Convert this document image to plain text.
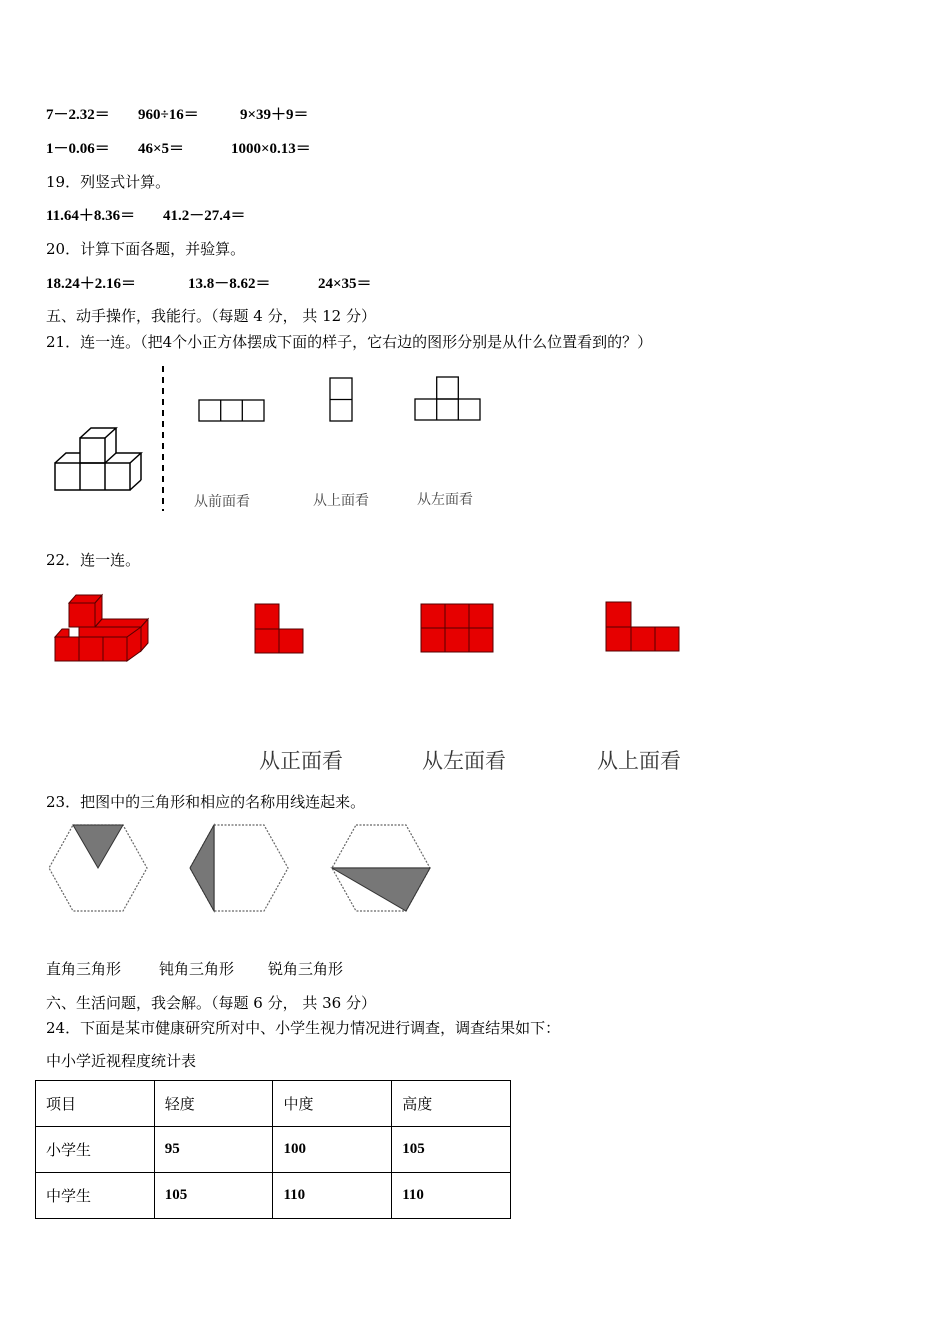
7－2.32＝ 960÷16＝	9×39＋9＝
1－0.06＝ 46×5＝	1000×0.13＝
19．列竖式计算。
11.64＋8.36＝ 41.2－27.4＝
20．计算下面各题，并验算。
18.24＋2.16＝	13.8－8.62＝	24×35＝
五、动手操作，我能行。（每题 4 分， 共 12 分）
21．连一连。（把4个小正方体摆成下面的样子，它右边的图形分别是从什么位置看到的？）
从前面看	从上面看	从左面看
22．连一连。
从正面看	从左面看	从上面看
23．把图中的三角形和相应的名称用线连起来。
直角三角形	钝角三角形 锐角三角形
六、生活问题，我会解。（每题 6 分， 共 36 分）
24．下面是某市健康研究所对中、小学生视力情况进行调查，调查结果如下：
中小学近视程度统计表
项目	轻度	中度	高度
小学生	95	100	105
中学生	105	110	110
